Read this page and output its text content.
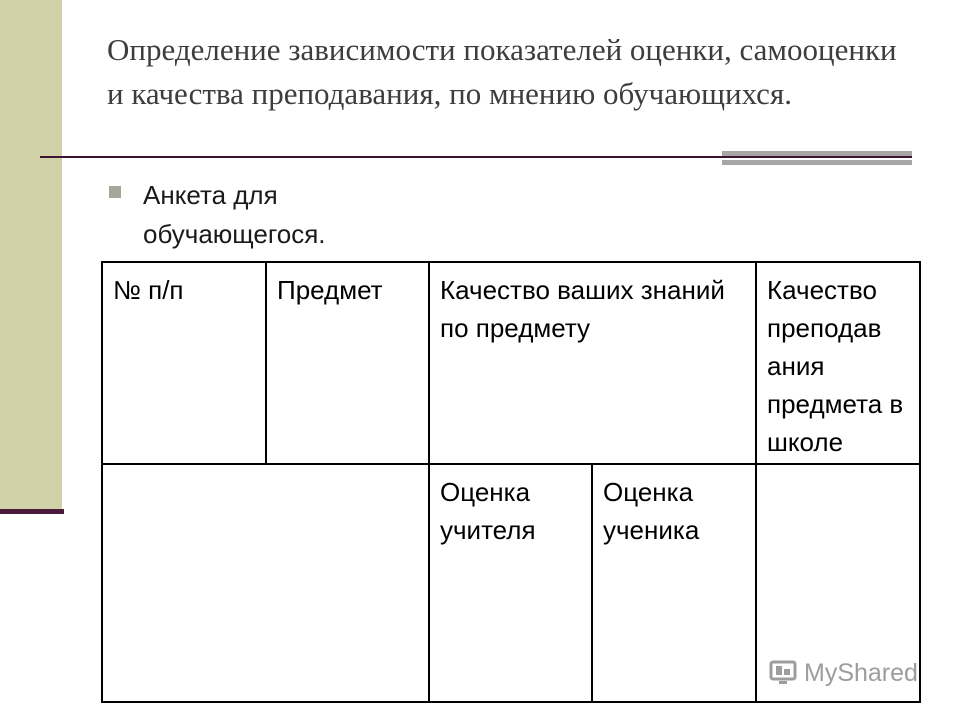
Определение зависимости показателей оценки, самооценки и качества преподавания, по мнению обучающихся.
Анкета для обучающегося.
№ п/п	Предмет	Качество ваших знаний по предмету		Качество преподав ания предмета в школе
		Оценка учителя	Оценка ученика	
MyShared
